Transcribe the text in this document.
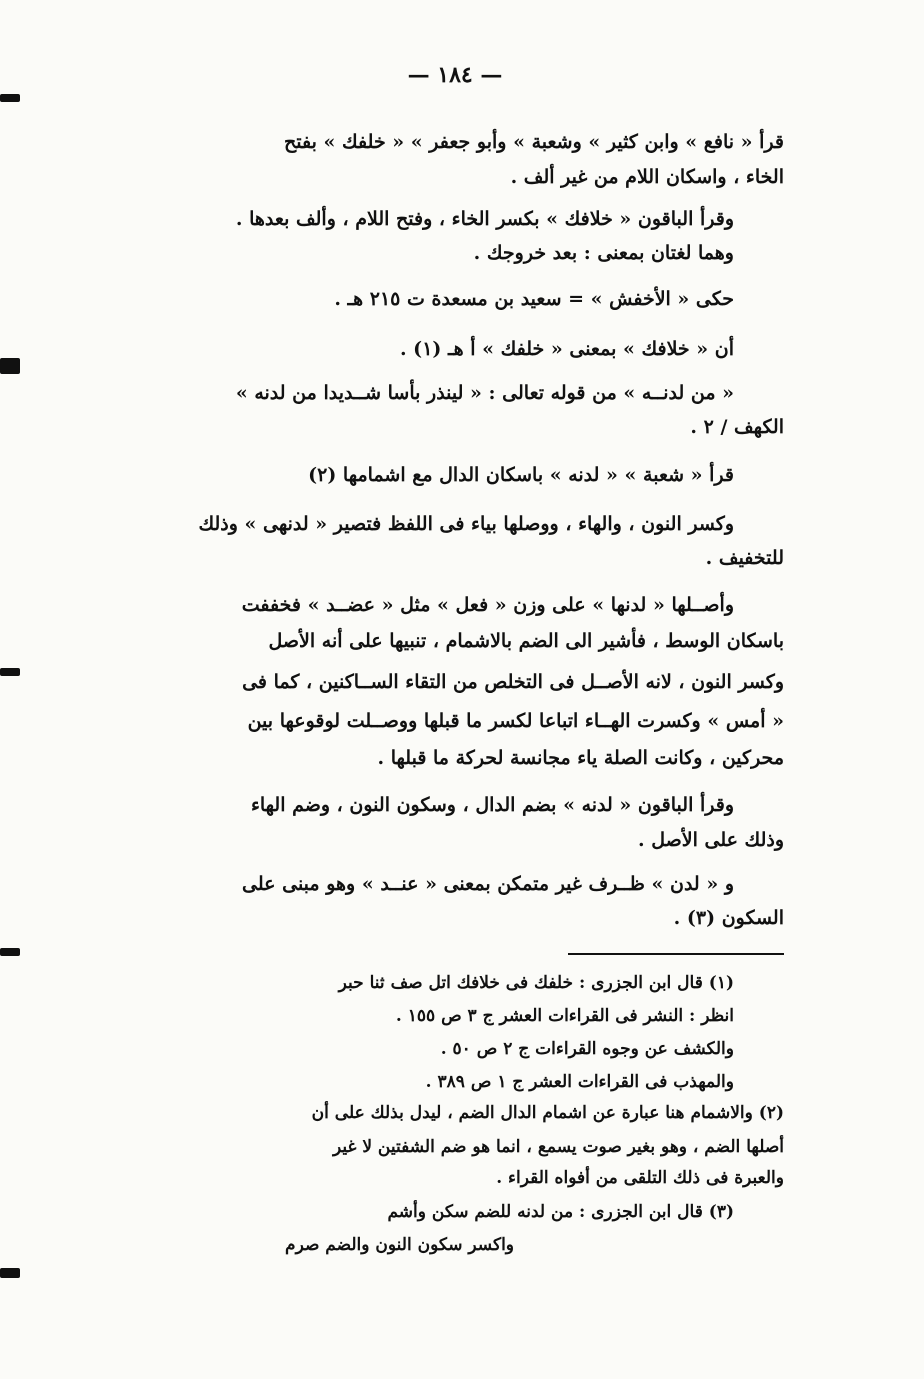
— ١٨٤ —
قرأ « نافع » وابن كثير » وشعبة » وأبو جعفر » « خلفك » بفتح
الخاء ، واسكان اللام من غير ألف .
وقرأ الباقون « خلافك » بكسر الخاء ، وفتح اللام ، وألف بعدها .
وهما لغتان بمعنى : بعد خروجك .
حكى « الأخفش » = سعيد بن مسعدة ت ٢١٥ هـ .
أن « خلافك » بمعنى « خلفك » أ هـ (١) .
« من لدنــه » من قوله تعالى : « لينذر بأسا شــديدا من لدنه »
الكهف / ٢ .
قرأ « شعبة » « لدنه » باسكان الدال مع اشمامها (٢)
وكسر النون ، والهاء ، ووصلها بياء فى اللفظ فتصير « لدنهى » وذلك
للتخفيف .
وأصــلها « لدنها » على وزن « فعل » مثل « عضــد » فخففت
باسكان الوسط ، فأشير الى الضم بالاشمام ، تنبيها على أنه الأصل
وكسر النون ، لانه الأصــل فى التخلص من التقاء الســاكنين ، كما فى
« أمس » وكسرت الهــاء اتباعا لكسر ما قبلها ووصــلت لوقوعها بين
محركين ، وكانت الصلة ياء مجانسة لحركة ما قبلها .
وقرأ الباقون « لدنه » بضم الدال ، وسكون النون ، وضم الهاء
وذلك على الأصل .
و « لدن » ظــرف غير متمكن بمعنى « عنــد » وهو مبنى على
السكون (٣) .
(١) قال ابن الجزرى : خلفك فى خلافك اتل صف ثنا حبر
انظر : النشر فى القراءات العشر ج ٣ ص ١٥٥ .
والكشف عن وجوه القراءات ج ٢ ص ٥٠ .
والمهذب فى القراءات العشر ج ١ ص ٣٨٩ .
(٢) والاشمام هنا عبارة عن اشمام الدال الضم ، ليدل بذلك على أن
أصلها الضم ، وهو بغير صوت يسمع ، انما هو ضم الشفتين لا غير
والعبرة فى ذلك التلقى من أفواه القراء .
(٣) قال ابن الجزرى : من لدنه للضم سكن وأشم
واكسر سكون النون والضم صرم
